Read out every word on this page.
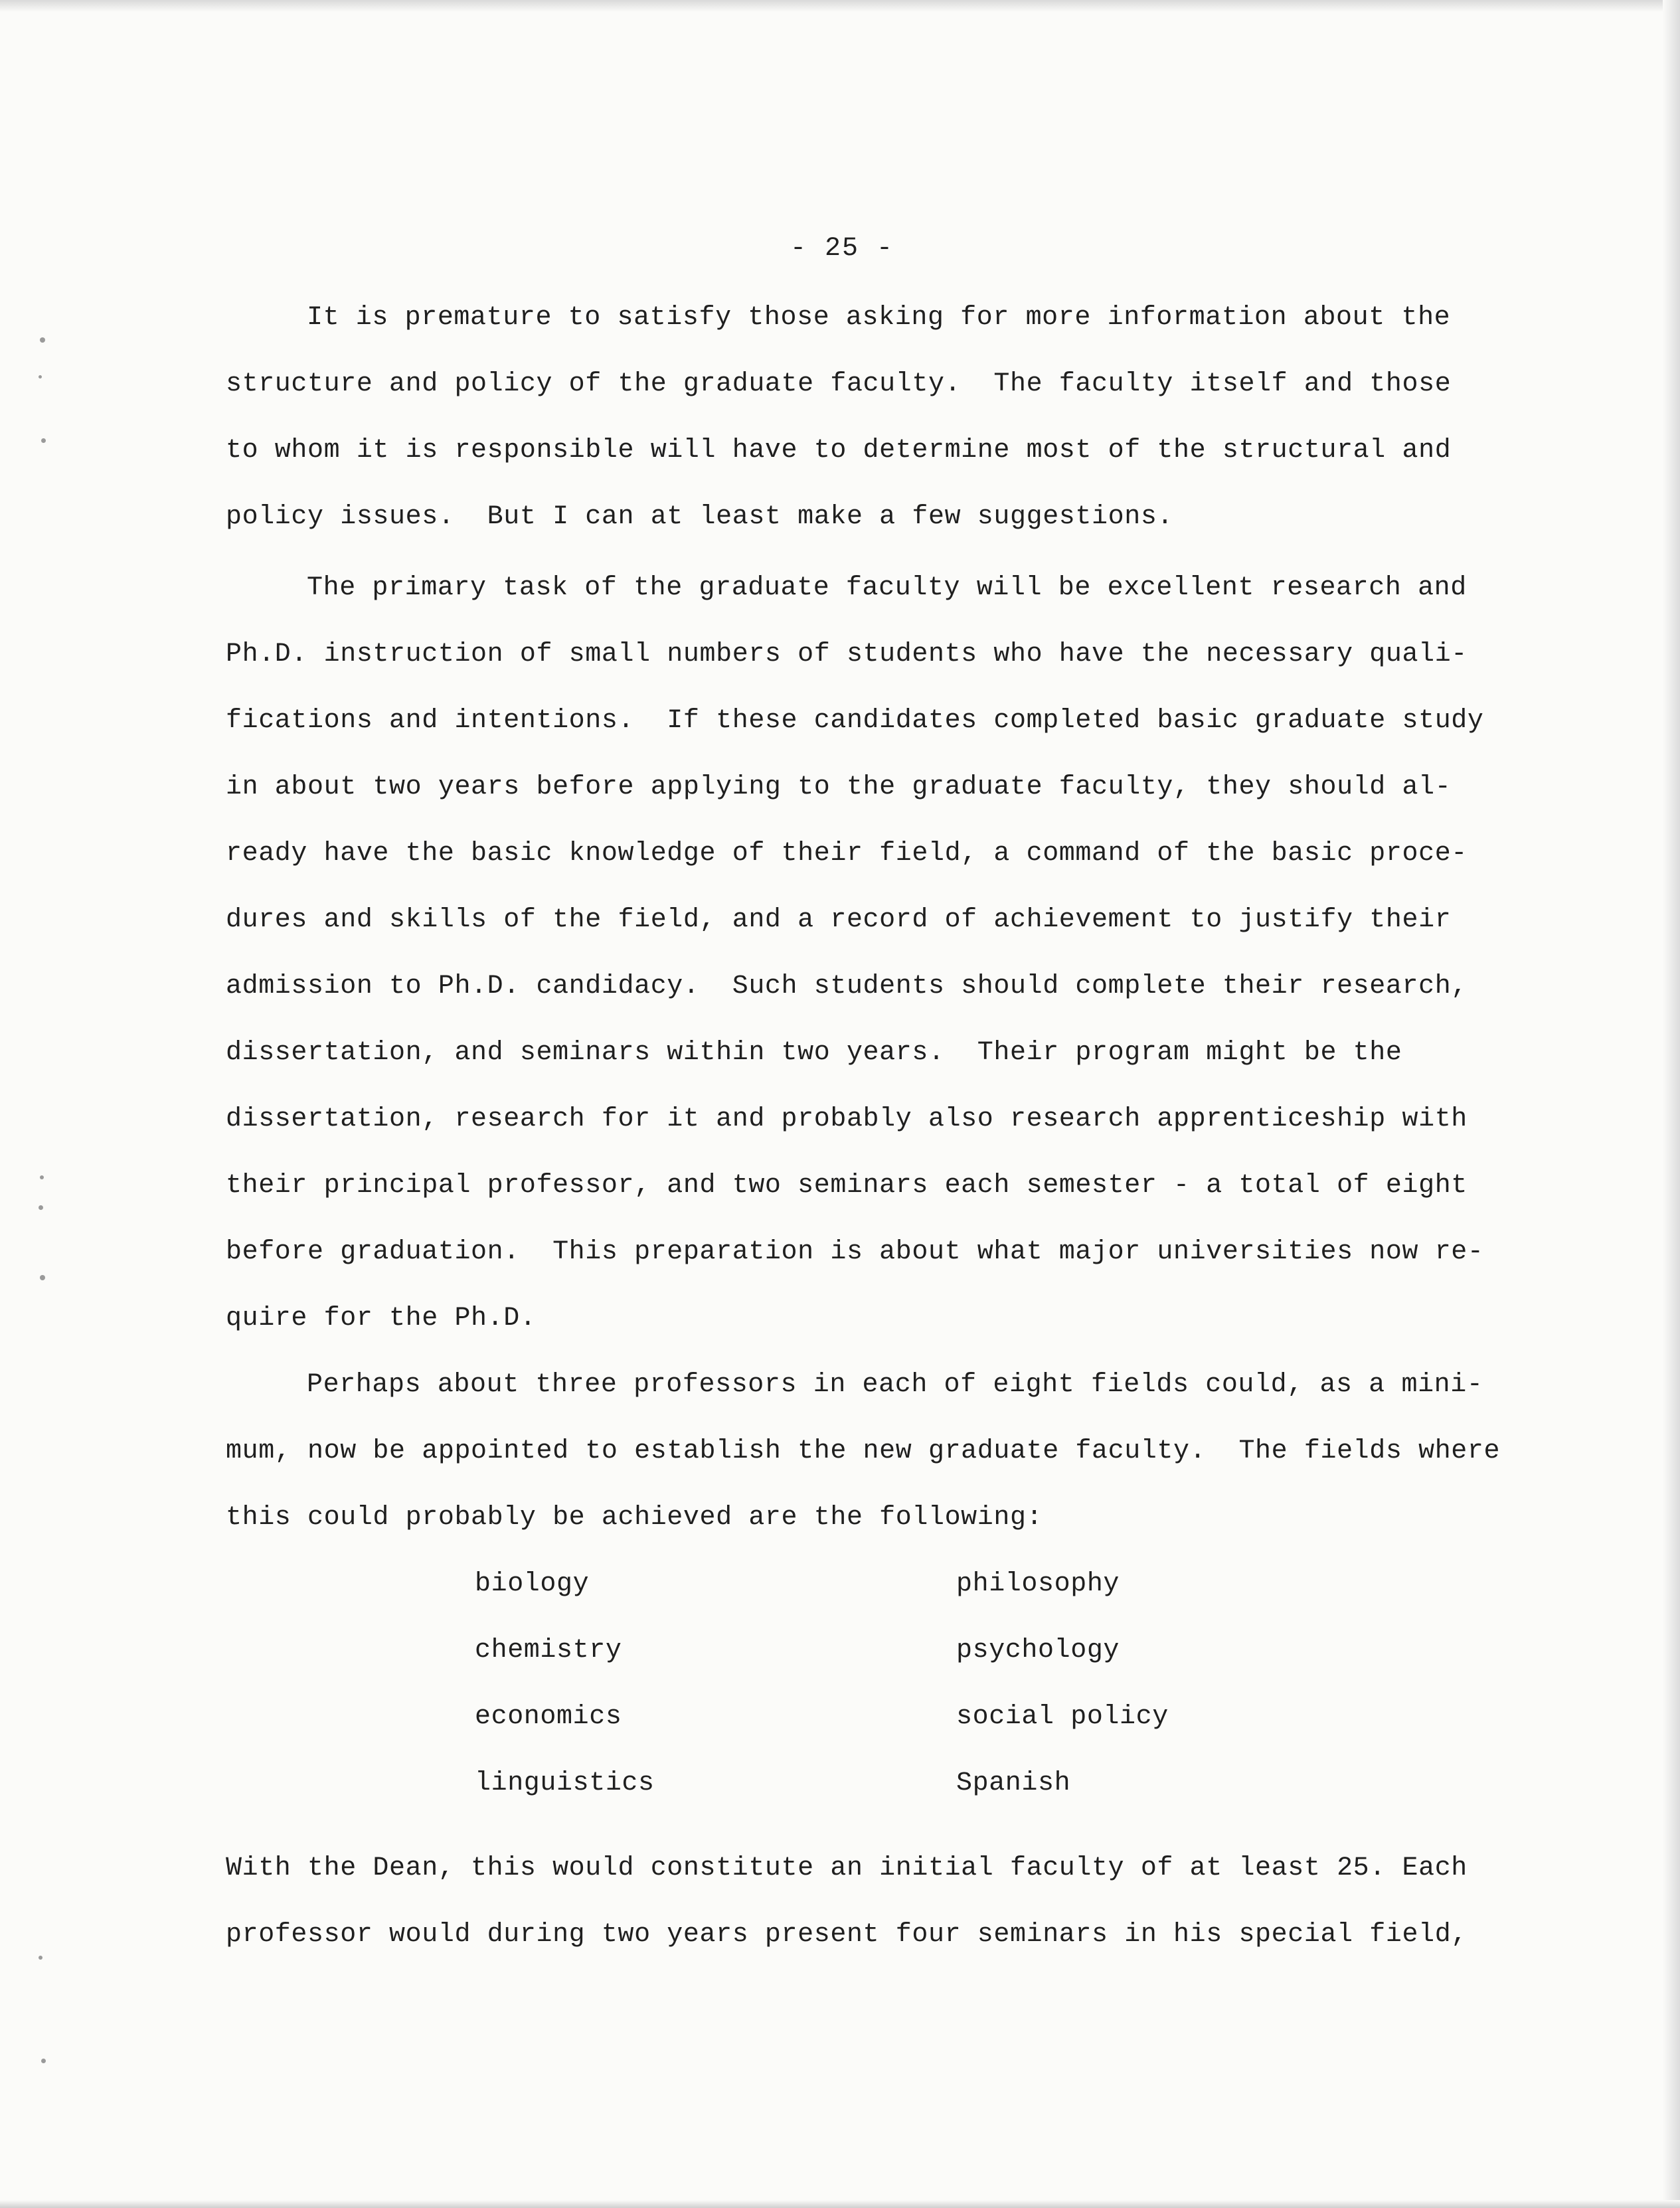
- 25 -
It is premature to satisfy those asking for more information about the
structure and policy of the graduate faculty.  The faculty itself and those
to whom it is responsible will have to determine most of the structural and
policy issues.  But I can at least make a few suggestions.
The primary task of the graduate faculty will be excellent research and
Ph.D. instruction of small numbers of students who have the necessary quali-
fications and intentions.  If these candidates completed basic graduate study
in about two years before applying to the graduate faculty, they should al-
ready have the basic knowledge of their field, a command of the basic proce-
dures and skills of the field, and a record of achievement to justify their
admission to Ph.D. candidacy.  Such students should complete their research,
dissertation, and seminars within two years.  Their program might be the
dissertation, research for it and probably also research apprenticeship with
their principal professor, and two seminars each semester - a total of eight
before graduation.  This preparation is about what major universities now re-
quire for the Ph.D.
Perhaps about three professors in each of eight fields could, as a mini-
mum, now be appointed to establish the new graduate faculty.  The fields where
this could probably be achieved are the following:
biology
chemistry
economics
linguistics
philosophy
psychology
social policy
Spanish
With the Dean, this would constitute an initial faculty of at least 25. Each
professor would during two years present four seminars in his special field,
